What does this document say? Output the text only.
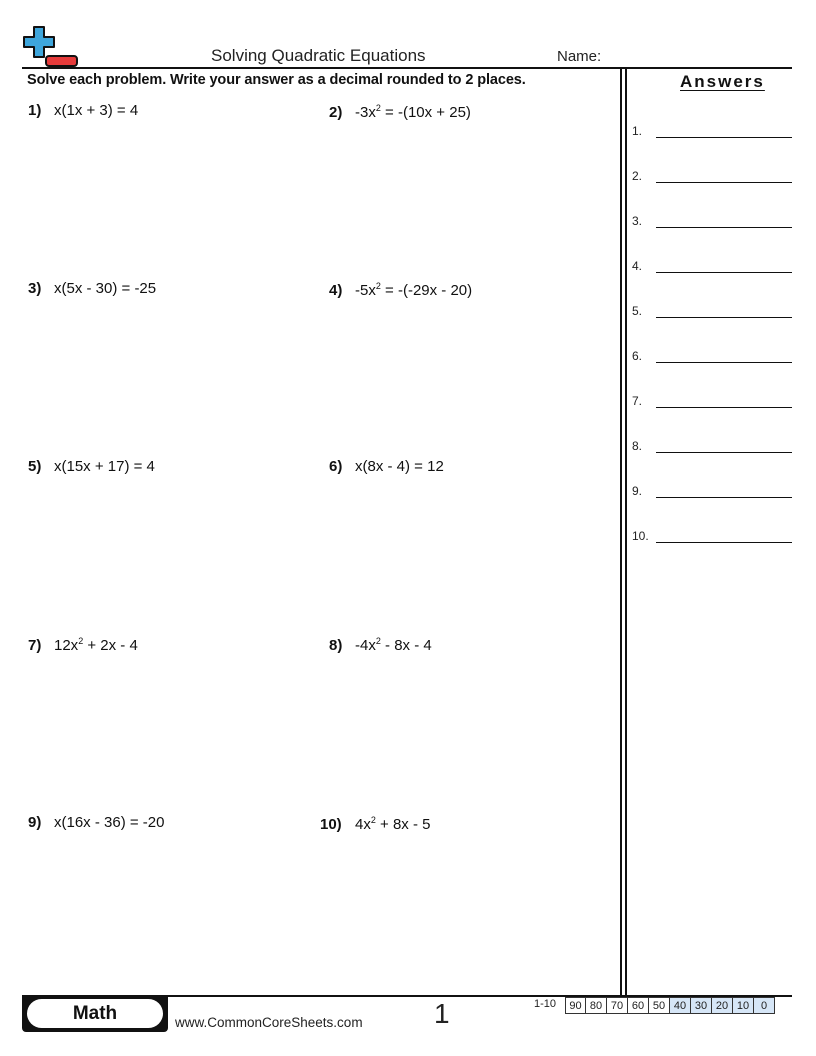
Solving Quadratic Equations	Name:
Solve each problem. Write your answer as a decimal rounded to 2 places.
1) x(1x + 3) = 4	2) $-3x^2 = -(10x + 25)$
3) x(5x - 30) = -25	4) $-5x^2 = -(-29x - 20)$
5) x(15x + 17) = 4	6) x(8x - 4) = 12
7) $12x^2 + 2x - 4$	8) $-4x^2 - 8x - 4$
9) x(16x - 36) = -20	10) $4x^2 + 8x - 5$
Answers
1.
2.
3.
4.
5.
6.
7.
8.
9.
10.
Math	www.CommonCoreSheets.com	1	1-10	90 80 70 60 50 40 30 20 10	0
